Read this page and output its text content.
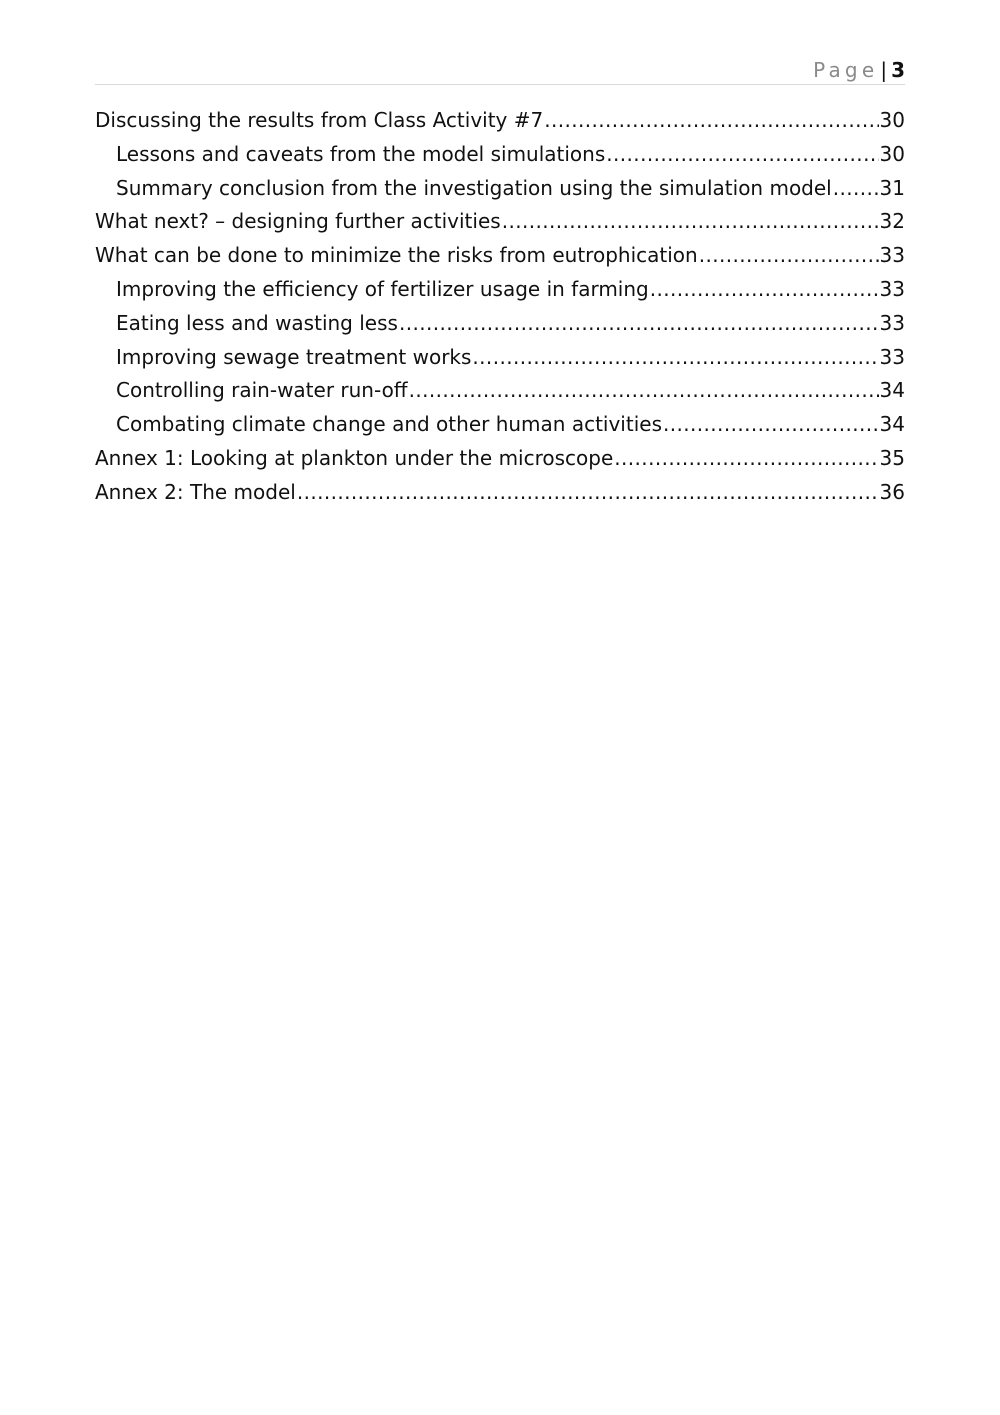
Page | 3
Discussing the results from Class Activity #7 .....	30
Lessons and caveats from the model simulations .....	30
Summary conclusion from the investigation using the simulation model ..... 31
What next? – designing further activities .....	32
What can be done to minimize the risks from eutrophication .....	33
Improving the efficiency of fertilizer usage in farming .....	33
Eating less and wasting less .....	33
Improving sewage treatment works .....	33
Controlling rain-water run-off .....	34
Combating climate change and other human activities .....	34
Annex 1: Looking at plankton under the microscope .....	35
Annex 2: The model .....	36
